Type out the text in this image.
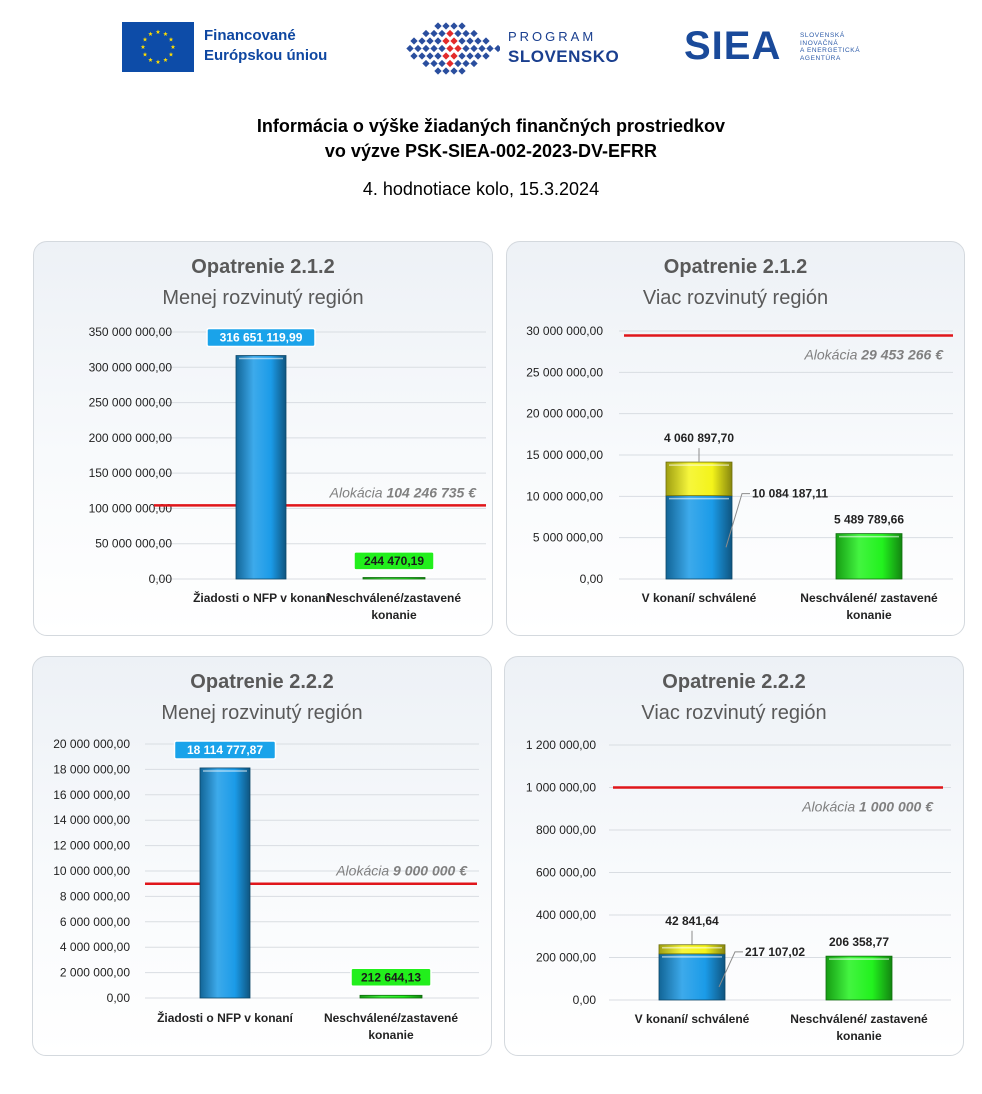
Financované
Európskou úniou
PROGRAM
SLOVENSKO SIEA	SLOVENSKÁ
INOVAČNÁ
A ENERGETICKÁ
AGENTÚRA
Informácia o výške žiadaných finančných prostriedkov
vo výzve PSK-SIEA-002-2023-DV-EFRR
4. hodnotiace kolo, 15.3.2024
Opatrenie 2.1.2
Menej rozvinutý región
0,00
50 000 000,00
100 000 000,00
150 000 000,00
200 000 000,00
250 000 000,00
300 000 000,00
350 000 000,00
Žiadosti o NFP v konaní
Neschválené/zastavené
konanie
Alokácia 104 246 735 €
316 651 119,99
244 470,19
Opatrenie 2.1.2
Viac rozvinutý región
0,00
5 000 000,00
10 000 000,00
15 000 000,00
20 000 000,00
25 000 000,00
30 000 000,00
V konaní/ schválené	Neschválené/ zastavené
konanie
Alokácia 29 453 266 €
4 060 897,70
10 084 187,11
5 489 789,66
Opatrenie 2.2.2
Menej rozvinutý región
0,00
2 000 000,00
4 000 000,00
6 000 000,00
8 000 000,00
10 000 000,00
12 000 000,00
14 000 000,00
16 000 000,00
18 000 000,00
20 000 000,00
Žiadosti o NFP v konaní	Neschválené/zastavené
konanie
Alokácia 9 000 000 €
18 114 777,87
212 644,13
Opatrenie 2.2.2
Viac rozvinutý región
0,00
200 000,00
400 000,00
600 000,00
800 000,00
1 000 000,00
1 200 000,00
V konaní/ schválené	Neschválené/ zastavené
konanie
Alokácia 1 000 000 €
42 841,64
217 107,02
206 358,77
